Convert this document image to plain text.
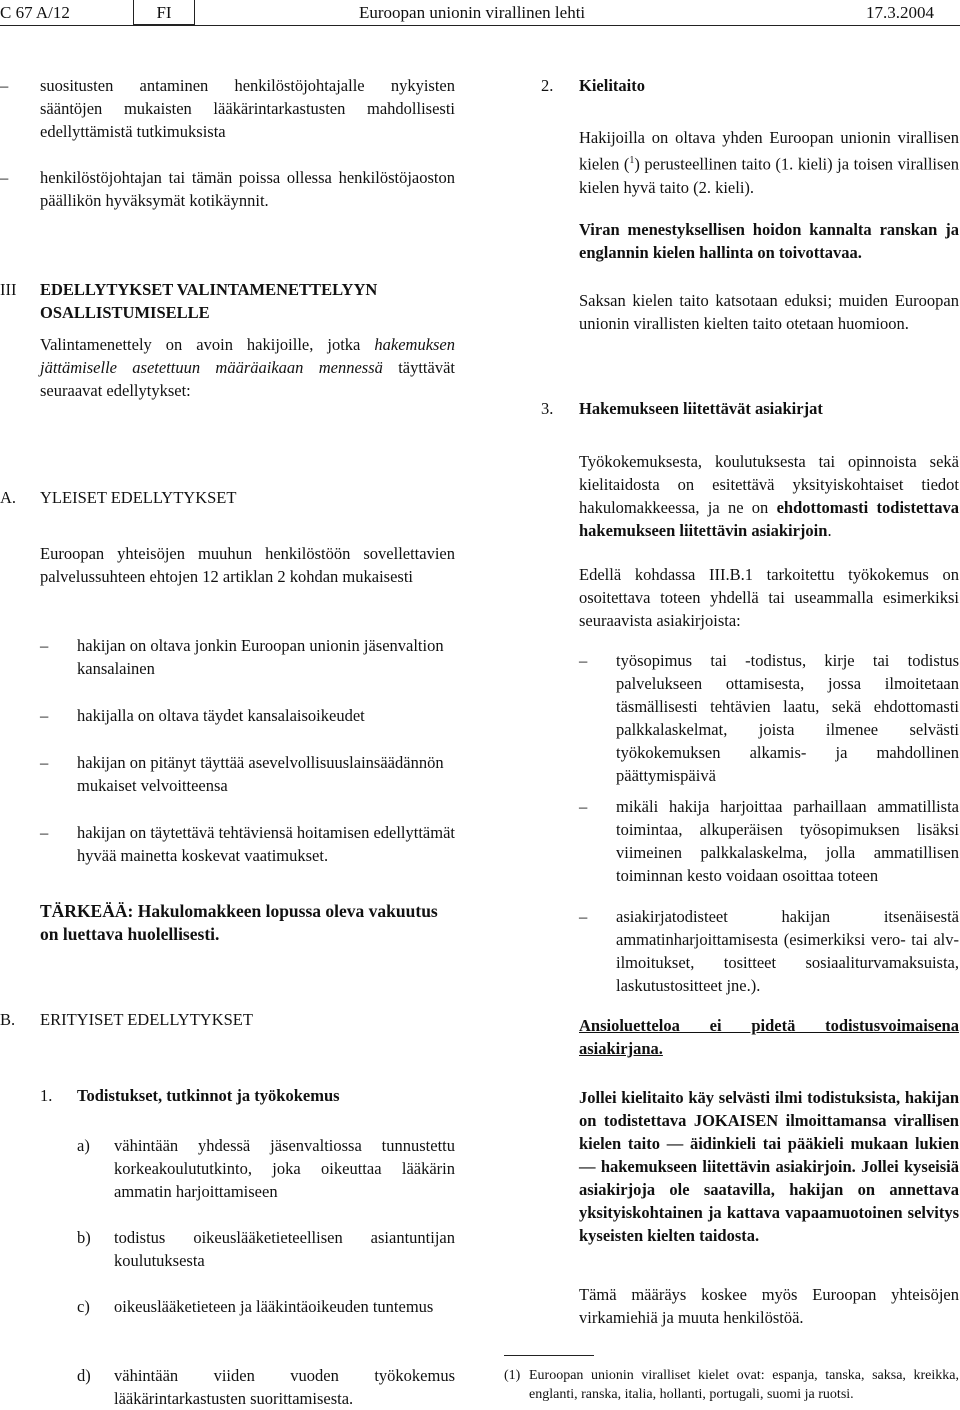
C 67 A/12	FI	Euroopan unionin virallinen lehti	17.3.2004
– suositusten antaminen henkilöstöjohtajalle nykyisten sääntöjen mukaisten lääkärintarkastusten mahdollisesti edellyttämistä tutkimuksista
– henkilöstöjohtajan tai tämän poissa ollessa henkilöstöjaoston päällikön hyväksymät kotikäynnit.
III EDELLYTYKSET VALINTAMENETTELYYN OSALLISTUMISELLE
Valintamenettely on avoin hakijoille, jotka hakemuksen jättämiselle asetettuun määräaikaan mennessä täyttävät seuraavat edellytykset:
A. YLEISET EDELLYTYKSET
Euroopan yhteisöjen muuhun henkilöstöön sovellettavien palvelussuhteen ehtojen 12 artiklan 2 kohdan mukaisesti
– hakijan on oltava jonkin Euroopan unionin jäsenvaltion kansalainen
– hakijalla on oltava täydet kansalaisoikeudet
– hakijan on pitänyt täyttää asevelvollisuuslainsäädännön mukaiset velvoitteensa
– hakijan on täytettävä tehtäviensä hoitamisen edellyttämät hyvää mainetta koskevat vaatimukset.
TÄRKEÄÄ: Hakulomakkeen lopussa oleva vakuutus on luettava huolellisesti.
B. ERITYISET EDELLYTYKSET
1. Todistukset, tutkinnot ja työkokemus
a) vähintään yhdessä jäsenvaltiossa tunnustettu korkeakoulututkinto, joka oikeuttaa lääkärin ammatin harjoittamiseen
b) todistus oikeuslääketieteellisen asiantuntijan koulutuksesta
c) oikeuslääketieteen ja lääkintäoikeuden tuntemus
d) vähintään viiden vuoden työkokemus lääkärintarkastusten suorittamisesta.
2. Kielitaito
Hakijoilla on oltava yhden Euroopan unionin virallisen kielen ($^1$) perusteellinen taito (1. kieli) ja toisen virallisen kielen hyvä taito (2. kieli).
Viran menestyksellisen hoidon kannalta ranskan ja englannin kielen hallinta on toivottavaa.
Saksan kielen taito katsotaan eduksi; muiden Euroopan unionin virallisten kielten taito otetaan huomioon.
3. Hakemukseen liitettävät asiakirjat
Työkokemuksesta, koulutuksesta tai opinnoista sekä kielitaidosta on esitettävä yksityiskohtaiset tiedot hakulomakkeessa, ja ne on ehdottomasti todistettava hakemukseen liitettävin asiakirjoin.
Edellä kohdassa III.B.1 tarkoitettu työkokemus on osoitettava toteen yhdellä tai useammalla esimerkiksi seuraavista asiakirjoista:
– työsopimus tai -todistus, kirje tai todistus palvelukseen ottamisesta, jossa ilmoitetaan täsmällisesti tehtävien laatu, sekä ehdottomasti palkkalaskelmat, joista ilmenee selvästi työkokemuksen alkamis- ja mahdollinen päättymispäivä
– mikäli hakija harjoittaa parhaillaan ammatillista toimintaa, alkuperäisen työsopimuksen lisäksi viimeinen palkkalaskelma, jolla ammatillisen toiminnan kesto voidaan osoittaa toteen
– asiakirjatodisteet hakijan itsenäisestä ammatinharjoittamisesta (esimerkiksi vero- tai alv-ilmoitukset, tositteet sosiaaliturvamaksuista, laskutustositteet jne.).
Ansioluetteloa ei pidetä todistusvoimaisena asiakirjana.
Jollei kielitaito käy selvästi ilmi todistuksista, hakijan on todistettava JOKAISEN ilmoittamansa virallisen kielen taito — äidinkieli tai pääkieli mukaan lukien — hakemukseen liitettävin asiakirjoin. Jollei kyseisiä asiakirjoja ole saatavilla, hakijan on annettava yksityiskohtainen ja kattava vapaamuotoinen selvitys kyseisten kielten taidosta.
Tämä määräys koskee myös Euroopan yhteisöjen virkamiehiä ja muuta henkilöstöä.
(1) Euroopan unionin viralliset kielet ovat: espanja, tanska, saksa, kreikka, englanti, ranska, italia, hollanti, portugali, suomi ja ruotsi.
